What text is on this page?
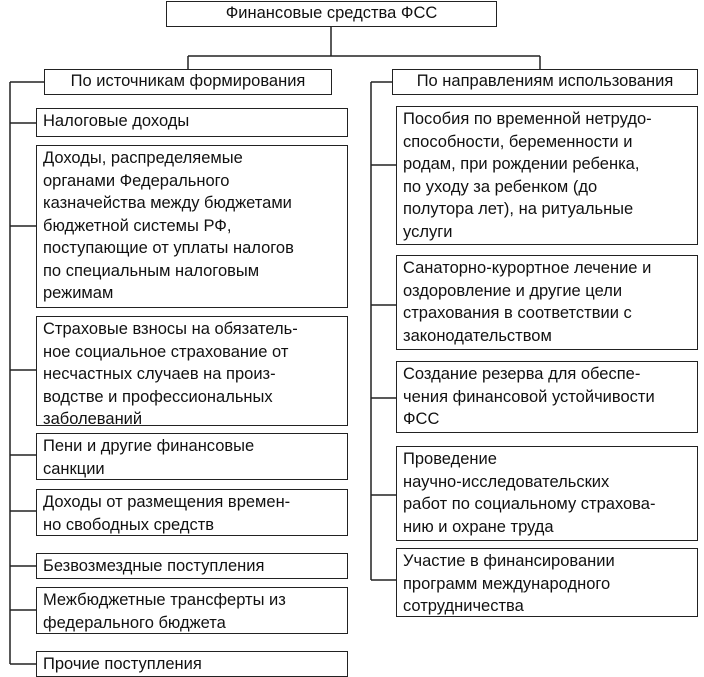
Финансовые средства ФСС
По источникам формирования	По направлениям использования
Налоговые доходы
Доходы, распределяемые
органами Федерального
казначейства между бюджетами
бюджетной системы РФ,
поступающие от уплаты налогов
по специальным налоговым
режимам
Страховые взносы на обязатель-
ное социальное страхование от
несчастных случаев на произ-
водстве и профессиональных
заболеваний
Пени и другие финансовые
санкции
Доходы от размещения времен-
но свободных средств
Безвозмездные поступления
Межбюджетные трансферты из
федерального бюджета
Прочие поступления
Пособия по временной нетрудо-
способности, беременности и
родам, при рождении ребенка,
по уходу за ребенком (до
полутора лет), на ритуальные
услуги
Санаторно-курортное лечение и
оздоровление и другие цели
страхования в соответствии с
законодательством
Создание резерва для обеспе-
чения финансовой устойчивости
ФСС
Проведение
научно-исследовательских
работ по социальному страхова-
нию и охране труда
Участие в финансировании
программ международного
сотрудничества
